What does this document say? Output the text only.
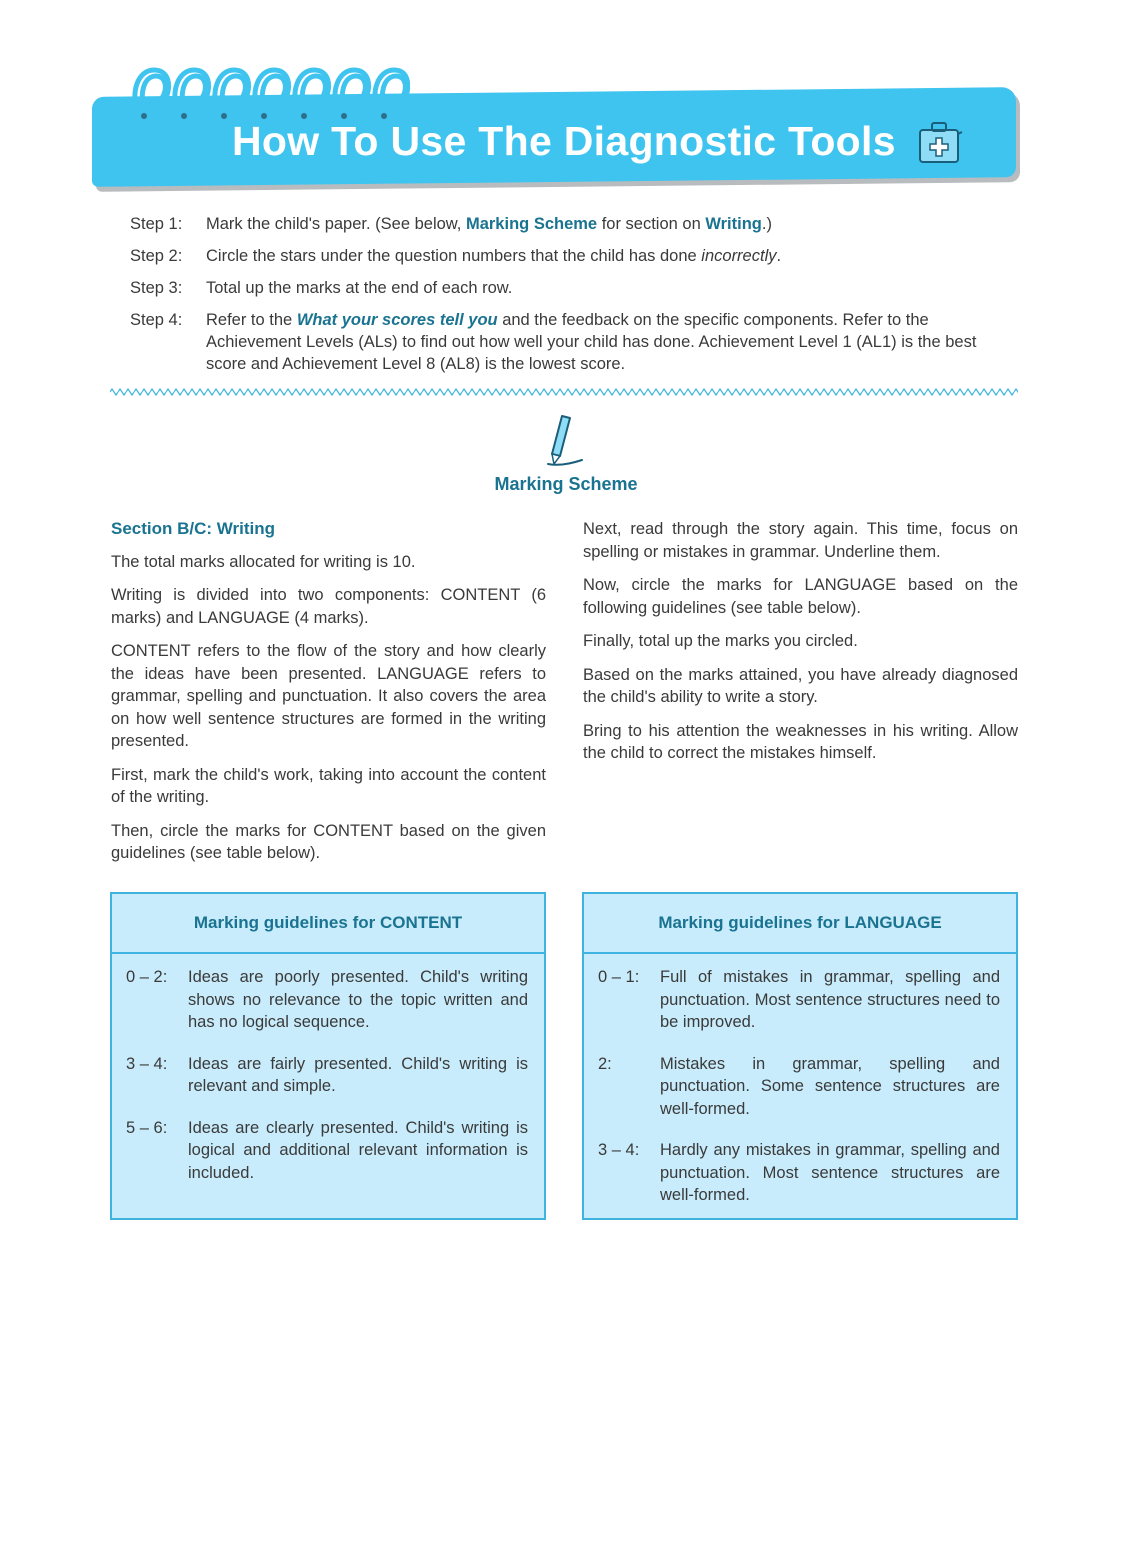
How To Use The Diagnostic Tools
Step 1:	Mark the child's paper. (See below, Marking Scheme for section on Writing.)
Step 2:	Circle the stars under the question numbers that the child has done incorrectly.
Step 3:	Total up the marks at the end of each row.
Step 4:	Refer to the What your scores tell you and the feedback on the specific components. Refer to the Achievement Levels (ALs) to find out how well your child has done. Achievement Level 1 (AL1) is the best score and Achievement Level 8 (AL8) is the lowest score.
Marking Scheme
Section B/C: Writing

The total marks allocated for writing is 10.

Writing is divided into two components: CONTENT (6 marks) and LANGUAGE (4 marks).

CONTENT refers to the flow of the story and how clearly the ideas have been presented. LANGUAGE refers to grammar, spelling and punctuation. It also covers the area on how well sentence structures are formed in the writing presented.

First, mark the child's work, taking into account the content of the writing.

Then, circle the marks for CONTENT based on the given guidelines (see table below).

Next, read through the story again. This time, focus on spelling or mistakes in grammar. Underline them.

Now, circle the marks for LANGUAGE based on the following guidelines (see table below).

Finally, total up the marks you circled.

Based on the marks attained, you have already diagnosed the child's ability to write a story.

Bring to his attention the weaknesses in his writing. Allow the child to correct the mistakes himself.

Marking guidelines for CONTENT
0 – 2:	Ideas are poorly presented. Child's writing shows no relevance to the topic written and has no logical sequence.
3 – 4:	Ideas are fairly presented. Child's writing is relevant and simple.
5 – 6:	Ideas are clearly presented. Child's writing is logical and additional relevant information is included.
Marking guidelines for LANGUAGE
0 – 1:	Full of mistakes in grammar, spelling and punctuation. Most sentence structures need to be improved.
2:	Mistakes in grammar, spelling and punctuation. Some sentence structures are well-formed.
3 – 4:	Hardly any mistakes in grammar, spelling and punctuation. Most sentence structures are well-formed.
